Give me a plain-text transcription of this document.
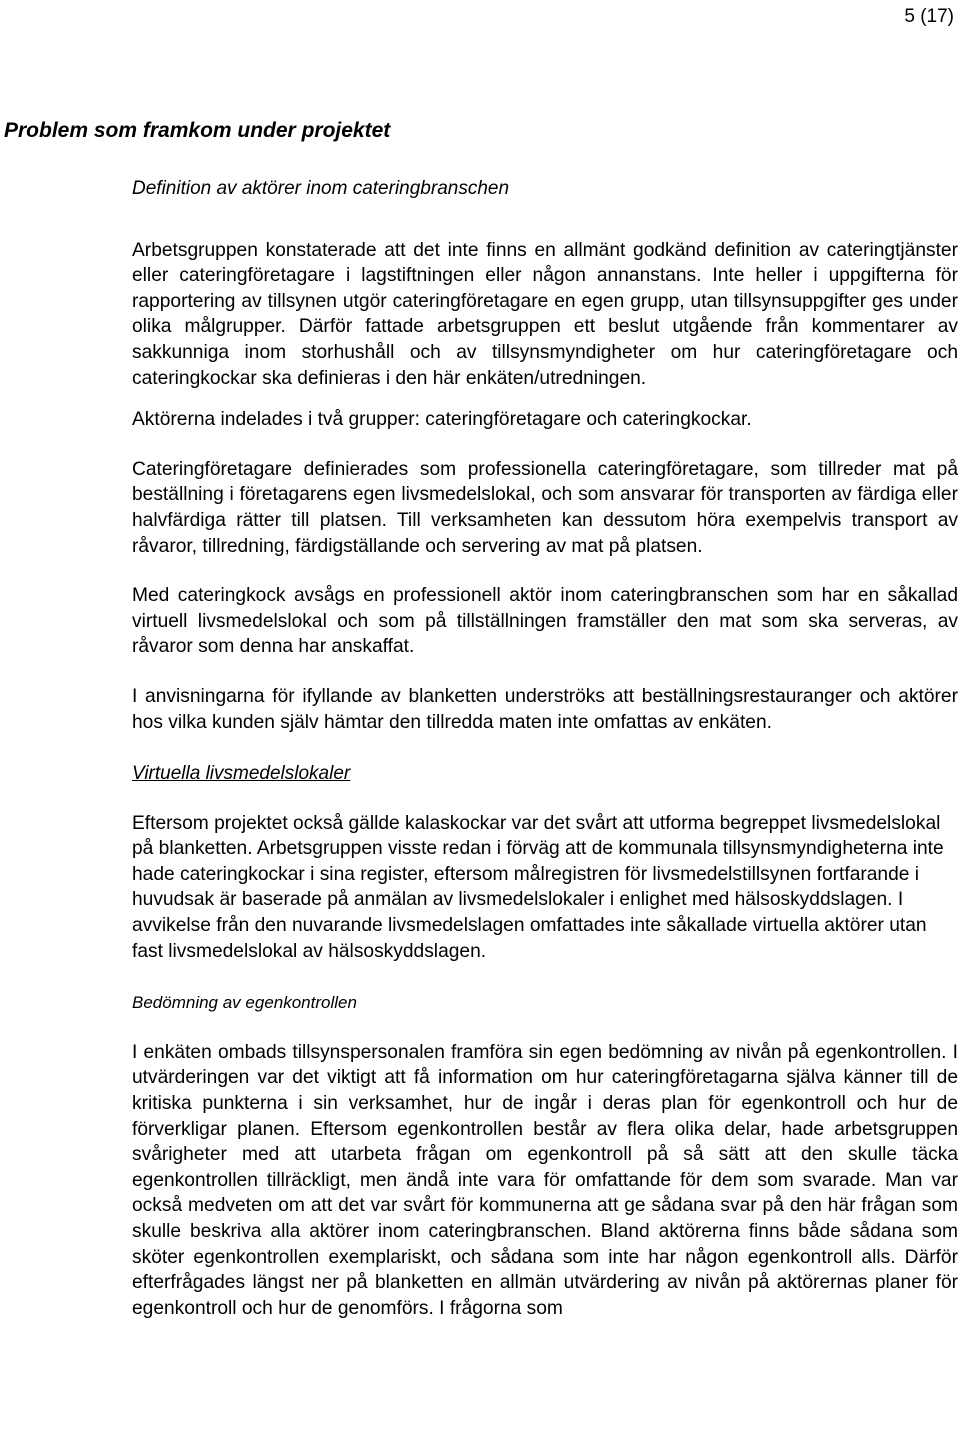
5 (17)
Problem som framkom under projektet

Definition av aktörer inom cateringbranschen

Arbetsgruppen konstaterade att det inte finns en allmänt godkänd definition av cateringtjänster eller cateringföretagare i lagstiftningen eller någon annanstans. Inte heller i uppgifterna för rapportering av tillsynen utgör cateringföretagare en egen grupp, utan tillsynsuppgifter ges under olika målgrupper. Därför fattade arbetsgruppen ett beslut utgående från kommentarer av sakkunniga inom storhushåll och av tillsynsmyndigheter om hur cateringföretagare och cateringkockar ska definieras i den här enkäten/utredningen.

Aktörerna indelades i två grupper: cateringföretagare och cateringkockar.

Cateringföretagare definierades som professionella cateringföretagare, som tillreder mat på beställning i företagarens egen livsmedelslokal, och som ansvarar för transporten av färdiga eller halvfärdiga rätter till platsen. Till verksamheten kan dessutom höra exempelvis transport av råvaror, tillredning, färdigställande och servering av mat på platsen.

Med cateringkock avsågs en professionell aktör inom cateringbranschen som har en såkallad virtuell livsmedelslokal och som på tillställningen framställer den mat som ska serveras, av råvaror som denna har anskaffat.

I anvisningarna för ifyllande av blanketten underströks att beställningsrestauranger och aktörer hos vilka kunden själv hämtar den tillredda maten inte omfattas av enkäten.

Virtuella livsmedelslokaler

Eftersom projektet också gällde kalaskockar var det svårt att utforma begreppet livsmedelslokal på blanketten. Arbetsgruppen visste redan i förväg att de kommunala tillsynsmyndigheterna inte hade cateringkockar i sina register, eftersom målregistren för livsmedelstillsynen fortfarande i huvudsak är baserade på anmälan av livsmedelslokaler i enlighet med hälsoskyddslagen. I avvikelse från den nuvarande livsmedelslagen omfattades inte såkallade virtuella aktörer utan fast livsmedelslokal av hälsoskyddslagen.

Bedömning av egenkontrollen

I enkäten ombads tillsynspersonalen framföra sin egen bedömning av nivån på egenkontrollen. I utvärderingen var det viktigt att få information om hur cateringföretagarna själva känner till de kritiska punkterna i sin verksamhet, hur de ingår i deras plan för egenkontroll och hur de förverkligar planen. Eftersom egenkontrollen består av flera olika delar, hade arbetsgruppen svårigheter med att utarbeta frågan om egenkontroll på så sätt att den skulle täcka egenkontrollen tillräckligt, men ändå inte vara för omfattande för dem som svarade. Man var också medveten om att det var svårt för kommunerna att ge sådana svar på den här frågan som skulle beskriva alla aktörer inom cateringbranschen. Bland aktörerna finns både sådana som sköter egenkontrollen exemplariskt, och sådana som inte har någon egenkontroll alls. Därför efterfrågades längst ner på blanketten en allmän utvärdering av nivån på aktörernas planer för egenkontroll och hur de genomförs. I frågorna som
